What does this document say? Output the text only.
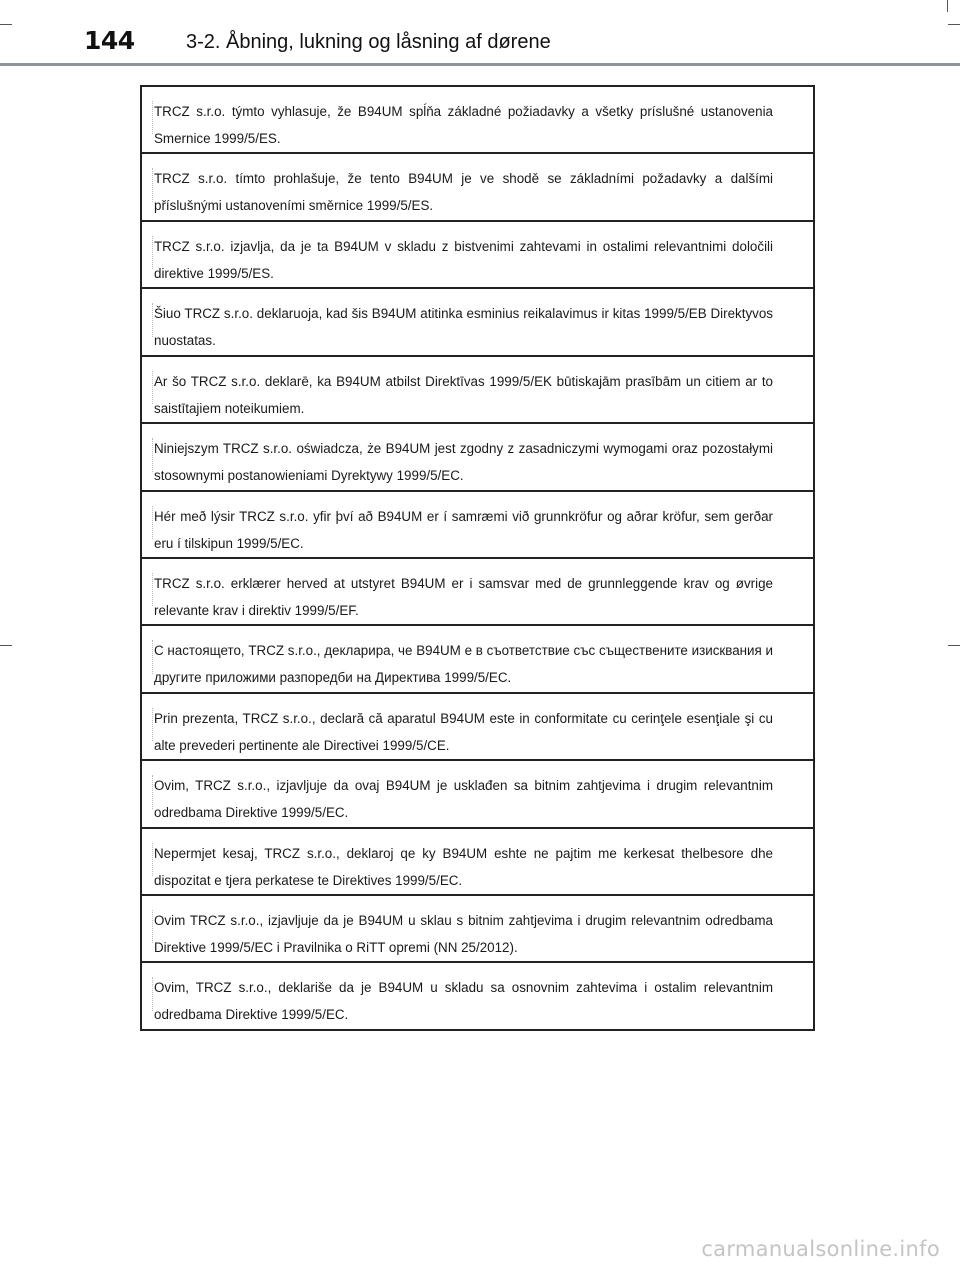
144	3-2. Åbning, lukning og låsning af dørene
TRCZ s.r.o. týmto vyhlasuje, že B94UM spĺňa základné požiadavky a všetky príslušné ustanovenia Smernice 1999/5/ES.
TRCZ s.r.o. tímto prohlašuje, že tento B94UM je ve shodě se základními požadavky a dalšími příslušnými ustanoveními směrnice 1999/5/ES.
TRCZ s.r.o. izjavlja, da je ta B94UM v skladu z bistvenimi zahtevami in ostalimi relevantnimi določili direktive 1999/5/ES.
Šiuo TRCZ s.r.o. deklaruoja, kad šis B94UM atitinka esminius reikalavimus ir kitas 1999/5/EB Direktyvos nuostatas.
Ar šo TRCZ s.r.o. deklarē, ka B94UM atbilst Direktīvas 1999/5/EK būtiskajām prasībām un citiem ar to saistītajiem noteikumiem.
Niniejszym TRCZ s.r.o. oświadcza, że B94UM jest zgodny z zasadniczymi wymogami oraz pozostałymi stosownymi postanowieniami Dyrektywy 1999/5/EC.
Hér með lýsir TRCZ s.r.o. yfir því að B94UM er í samræmi við grunnkröfur og aðrar kröfur, sem gerðar eru í tilskipun 1999/5/EC.
TRCZ s.r.o. erklærer herved at utstyret B94UM er i samsvar med de grunnleggende krav og øvrige relevante krav i direktiv 1999/5/EF.
С настоящето, TRCZ s.r.o., декларира, че B94UM е в съответствие със съществените изисквания и другите приложими разпоредби на Директива 1999/5/EC.
Prin prezenta, TRCZ s.r.o., declară că aparatul B94UM este in conformitate cu cerinţele esenţiale şi cu alte prevederi pertinente ale Directivei 1999/5/CE.
Ovim, TRCZ s.r.o., izjavljuje da ovaj B94UM je usklađen sa bitnim zahtjevima i drugim relevantnim odredbama Direktive 1999/5/EC.
Nepermjet kesaj, TRCZ s.r.o., deklaroj qe ky B94UM eshte ne pajtim me kerkesat thelbesore dhe dispozitat e tjera perkatese te Direktives 1999/5/EC.
Ovim TRCZ s.r.o., izjavljuje da je B94UM u sklau s bitnim zahtjevima i drugim relevantnim odredbama Direktive 1999/5/EC i Pravilnika o RiTT opremi (NN 25/2012).
Ovim, TRCZ s.r.o., deklariše da je B94UM u skladu sa osnovnim zahtevima i ostalim relevantnim odredbama Direktive 1999/5/EC.
carmanualsonline.info
